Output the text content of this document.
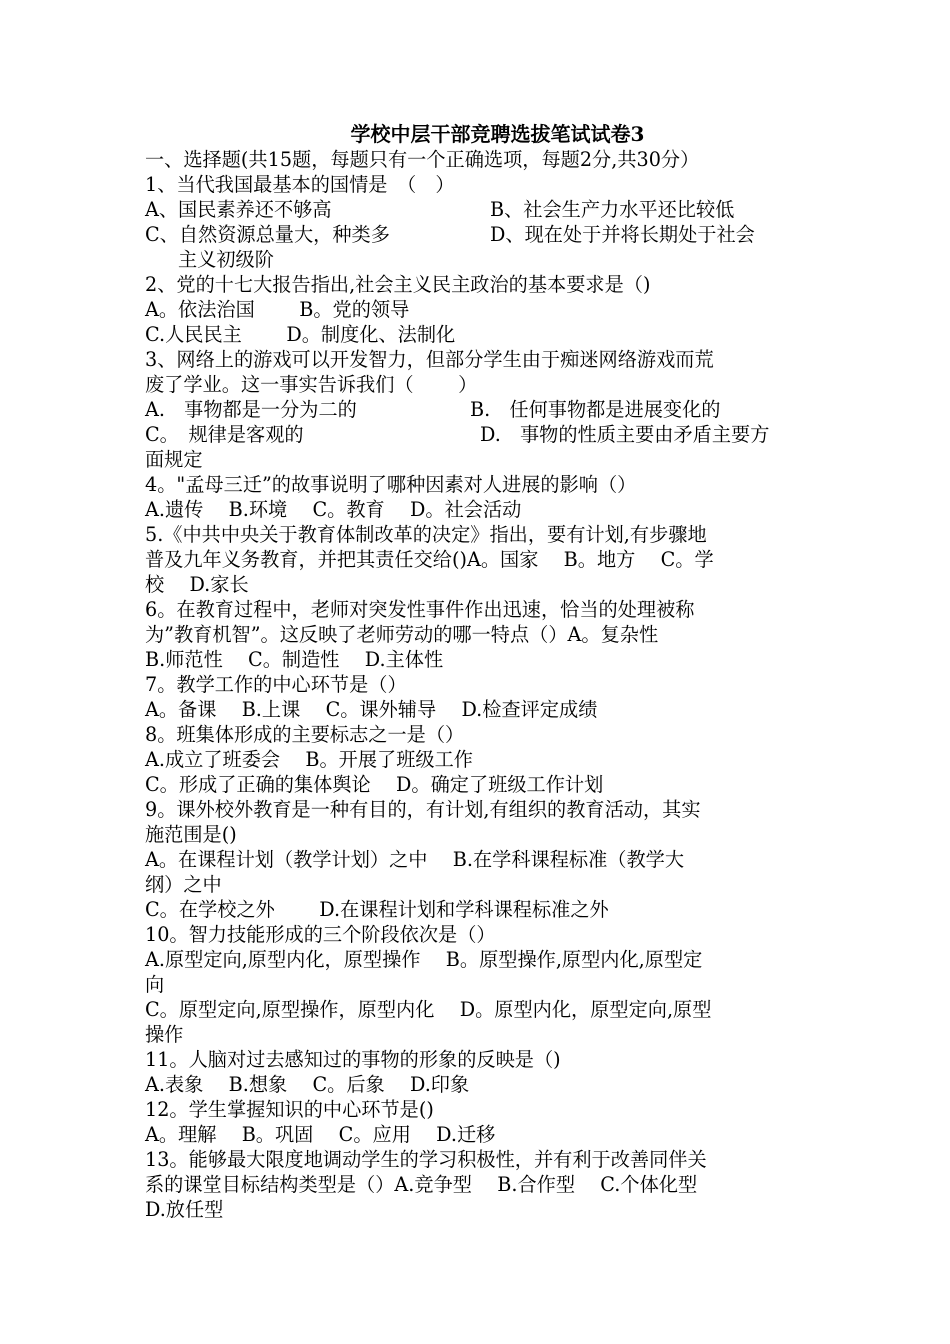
学校中层干部竞聘选拔笔试试卷3
一、选择题(共15题，每题只有一个正确选项，每题2分,共30分）
1、当代我国最基本的国情是　（　）
A、国民素养还不够高	B、社会生产力水平还比较低
C、自然资源总量大，种类多	D、现在处于并将长期处于社会
主义初级阶
2、党的十七大报告指出,社会主义民主政治的基本要求是（)
A。依法治国　　 B。党的领导
C.人民民主　　 D。制度化、法制化
3、网络上的游戏可以开发智力，但部分学生由于痴迷网络游戏而荒
废了学业。这一事实告诉我们（　　 ）
A.　事物都是一分为二的	B.　任何事物都是进展变化的
C。　规律是客观的	D.　事物的性质主要由矛盾主要方
面规定
4。"孟母三迁”的故事说明了哪种因素对人进展的影响（）
A.遗传　 B.环境　 C。教育　 D。社会活动
5.《中共中央关于教育体制改革的决定》指出，要有计划,有步骤地
普及九年义务教育，并把其责任交给()A。国家　 B。地方　 C。学
校　 D.家长
6。在教育过程中，老师对突发性事件作出迅速，恰当的处理被称
为”教育机智”。这反映了老师劳动的哪一特点（）A。复杂性
B.师范性　 C。制造性　 D.主体性
7。教学工作的中心环节是（）
A。备课　 B.上课　 C。课外辅导　 D.检查评定成绩
8。班集体形成的主要标志之一是（）
A.成立了班委会　 B。开展了班级工作
C。形成了正确的集体舆论　 D。确定了班级工作计划
9。课外校外教育是一种有目的，有计划,有组织的教育活动，其实
施范围是()
A。在课程计划（教学计划）之中　 B.在学科课程标准（教学大
纲）之中
C。在学校之外　　 D.在课程计划和学科课程标准之外
10。智力技能形成的三个阶段依次是（）
A.原型定向,原型内化，原型操作　 B。原型操作,原型内化,原型定
向
C。原型定向,原型操作，原型内化　 D。原型内化，原型定向,原型
操作
11。人脑对过去感知过的事物的形象的反映是（)
A.表象　 B.想象　 C。后象　 D.印象
12。学生掌握知识的中心环节是()
A。理解　 B。巩固　 C。应用　 D.迁移
13。能够最大限度地调动学生的学习积极性，并有利于改善同伴关
系的课堂目标结构类型是（）A.竞争型　 B.合作型　 C.个体化型
D.放任型
